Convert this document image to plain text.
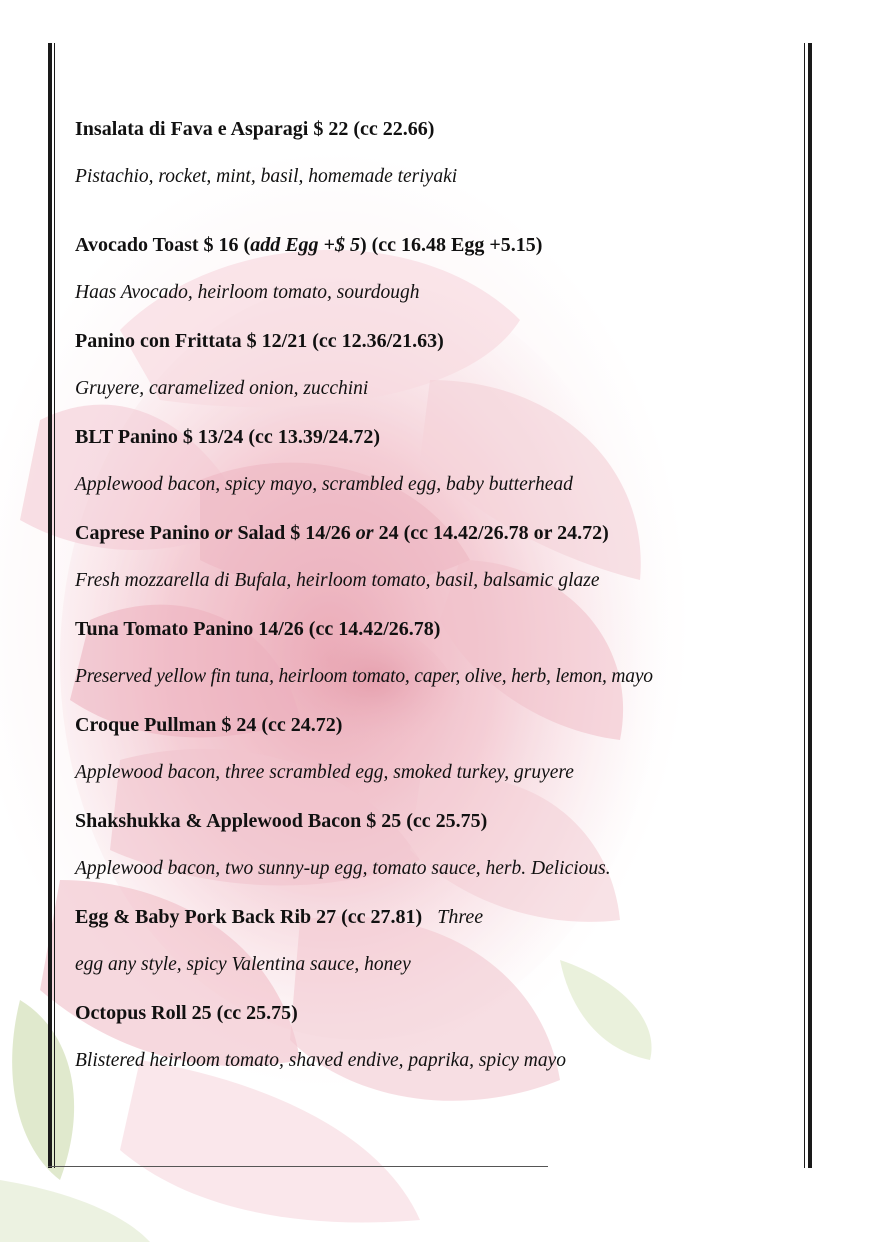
Insalata di Fava e Asparagi $ 22 (cc 22.66)
Pistachio, rocket, mint, basil, homemade teriyaki
Avocado Toast $ 16 (add Egg +$ 5) (cc 16.48 Egg +5.15)
Haas Avocado, heirloom tomato, sourdough
Panino con Frittata $ 12/21 (cc 12.36/21.63)
Gruyere, caramelized onion, zucchini
BLT Panino $ 13/24 (cc 13.39/24.72)
Applewood bacon, spicy mayo, scrambled egg, baby butterhead
Caprese Panino or Salad $ 14/26 or 24 (cc 14.42/26.78 or 24.72)
Fresh mozzarella di Bufala, heirloom tomato, basil, balsamic glaze
Tuna Tomato Panino 14/26 (cc 14.42/26.78)
Preserved yellow fin tuna, heirloom tomato, caper, olive, herb, lemon, mayo
Croque Pullman $ 24 (cc 24.72)
Applewood bacon, three scrambled egg, smoked turkey, gruyere
Shakshukka & Applewood Bacon $ 25 (cc 25.75)
Applewood bacon, two sunny-up egg, tomato sauce, herb. Delicious.
Egg & Baby Pork Back Rib 27 (cc 27.81) Three
egg any style, spicy Valentina sauce, honey
Octopus Roll 25 (cc 25.75)
Blistered heirloom tomato, shaved endive, paprika, spicy mayo
